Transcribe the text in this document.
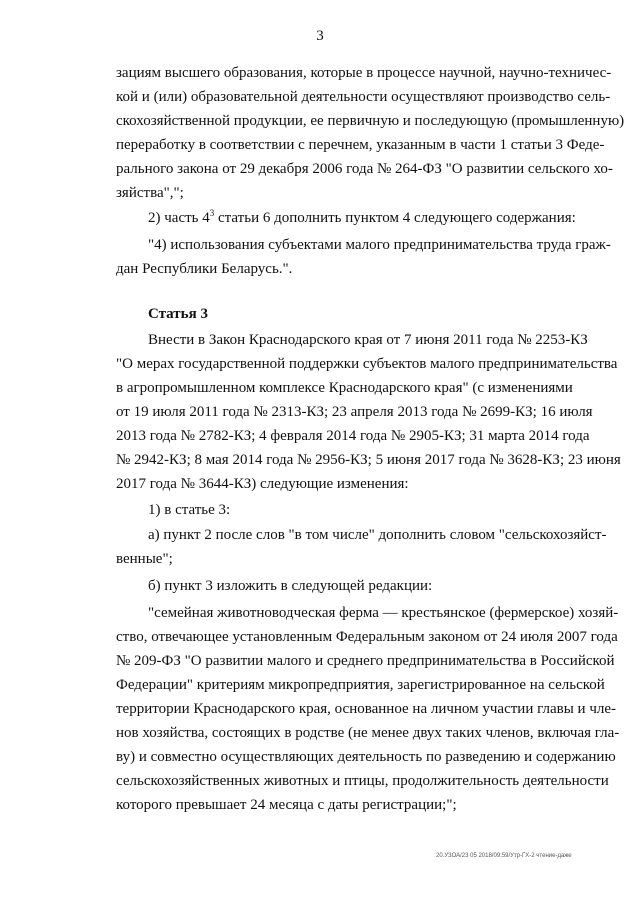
3
зациям высшего образования, которые в процессе научной, научно-техничес-
кой и (или) образовательной деятельности осуществляют производство сель-
скохозяйственной продукции, ее первичную и последующую (промышленную)
переработку в соответствии с перечнем, указанным в части 1 статьи 3 Феде-
рального закона от 29 декабря 2006 года № 264-ФЗ "О развитии сельского хо-
зяйства",";
2) часть $4^3$ статьи 6 дополнить пунктом 4 следующего содержания:
"4) использования субъектами малого предпринимательства труда граж-
дан Республики Беларусь.".
Статья 3
Внести в Закон Краснодарского края от 7 июня 2011 года № 2253-КЗ
"О мерах государственной поддержки субъектов малого предпринимательства
в агропромышленном комплексе Краснодарского края" (с изменениями
от 19 июля 2011 года № 2313-КЗ; 23 апреля 2013 года № 2699-КЗ; 16 июля
2013 года № 2782-КЗ; 4 февраля 2014 года № 2905-КЗ; 31 марта 2014 года
№ 2942-КЗ; 8 мая 2014 года № 2956-КЗ; 5 июня 2017 года № 3628-КЗ; 23 июня
2017 года № 3644-КЗ) следующие изменения:
1) в статье 3:
а) пункт 2 после слов "в том числе" дополнить словом "сельскохозяйст-
венные";
б) пункт 3 изложить в следующей редакции:
"семейная животноводческая ферма — крестьянское (фермерское) хозяй-
ство, отвечающее установленным Федеральным законом от 24 июля 2007 года
№ 209-ФЗ "О развитии малого и среднего предпринимательства в Российской
Федерации" критериям микропредприятия, зарегистрированное на сельской
территории Краснодарского края, основанное на личном участии главы и чле-
нов хозяйства, состоящих в родстве (не менее двух таких членов, включая гла-
ву) и совместно осуществляющих деятельность по разведению и содержанию
сельскохозяйственных животных и птицы, продолжительность деятельности
которого превышает 24 месяца с даты регистрации;";
20.УЗОА/23 05 2018/09:59/Утр-ГХ-2 чтение-даже
